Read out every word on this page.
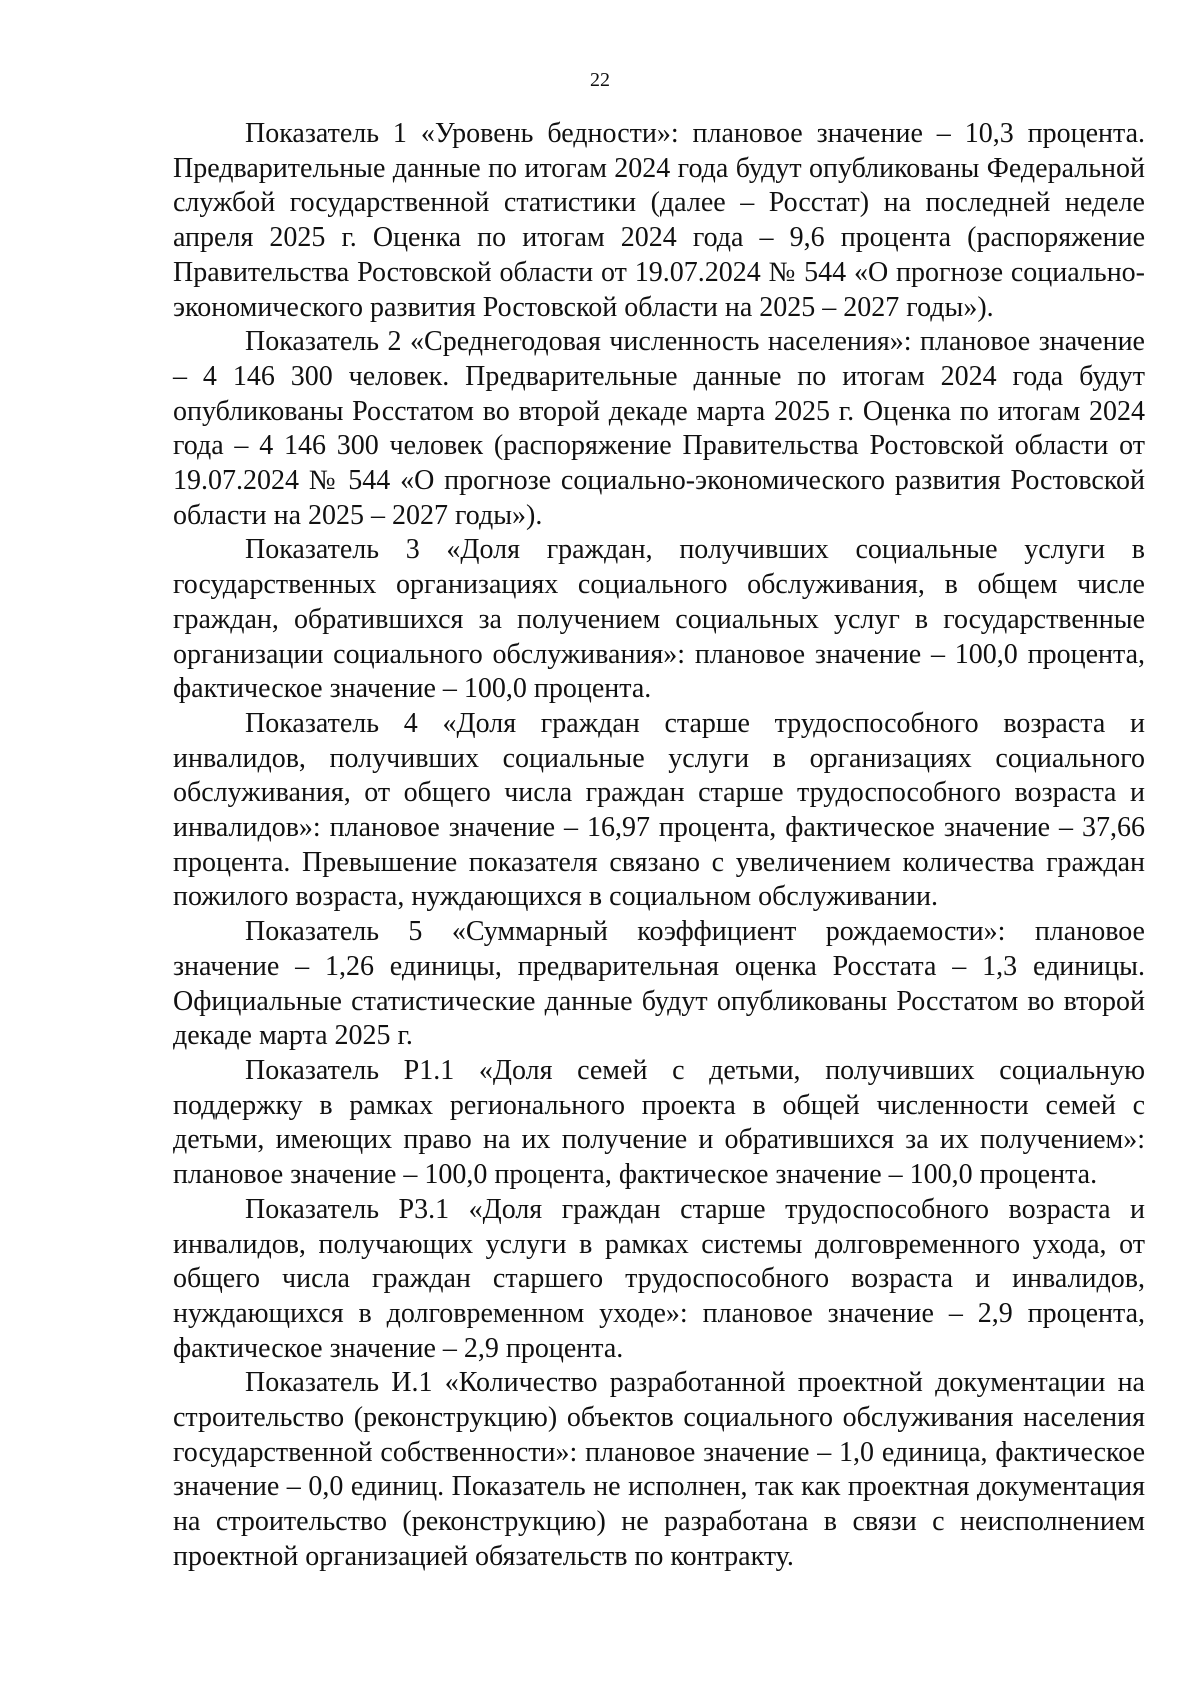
22

Показатель 1 «Уровень бедности»: плановое значение – 10,3 процента. Предварительные данные по итогам 2024 года будут опубликованы Федеральной службой государственной статистики (далее – Росстат) на последней неделе апреля 2025 г. Оценка по итогам 2024 года – 9,6 процента (распоряжение Правительства Ростовской области от 19.07.2024 № 544 «О прогнозе социально-экономического развития Ростовской области на 2025 – 2027 годы»).

Показатель 2 «Среднегодовая численность населения»: плановое значение – 4 146 300 человек. Предварительные данные по итогам 2024 года будут опубликованы Росстатом во второй декаде марта 2025 г. Оценка по итогам 2024 года – 4 146 300 человек (распоряжение Правительства Ростовской области от 19.07.2024 № 544 «О прогнозе социально-экономического развития Ростовской области на 2025 – 2027 годы»).

Показатель 3 «Доля граждан, получивших социальные услуги в государственных организациях социального обслуживания, в общем числе граждан, обратившихся за получением социальных услуг в государственные организации социального обслуживания»: плановое значение – 100,0 процента, фактическое значение – 100,0 процента.

Показатель 4 «Доля граждан старше трудоспособного возраста и инвалидов, получивших социальные услуги в организациях социального обслуживания, от общего числа граждан старше трудоспособного возраста и инвалидов»: плановое значение – 16,97 процента, фактическое значение – 37,66 процента. Превышение показателя связано с увеличением количества граждан пожилого возраста, нуждающихся в социальном обслуживании.

Показатель 5 «Суммарный коэффициент рождаемости»: плановое значение – 1,26 единицы, предварительная оценка Росстата – 1,3 единицы. Официальные статистические данные будут опубликованы Росстатом во второй декаде марта 2025 г.

Показатель Р1.1 «Доля семей с детьми, получивших социальную поддержку в рамках регионального проекта в общей численности семей с детьми, имеющих право на их получение и обратившихся за их получением»: плановое значение – 100,0 процента, фактическое значение – 100,0 процента.

Показатель Р3.1 «Доля граждан старше трудоспособного возраста и инвалидов, получающих услуги в рамках системы долговременного ухода, от общего числа граждан старшего трудоспособного возраста и инвалидов, нуждающихся в долговременном уходе»: плановое значение – 2,9 процента, фактическое значение – 2,9 процента.

Показатель И.1 «Количество разработанной проектной документации на строительство (реконструкцию) объектов социального обслуживания населения государственной собственности»: плановое значение – 1,0 единица, фактическое значение – 0,0 единиц. Показатель не исполнен, так как проектная документация на строительство (реконструкцию) не разработана в связи с неисполнением проектной организацией обязательств по контракту.
